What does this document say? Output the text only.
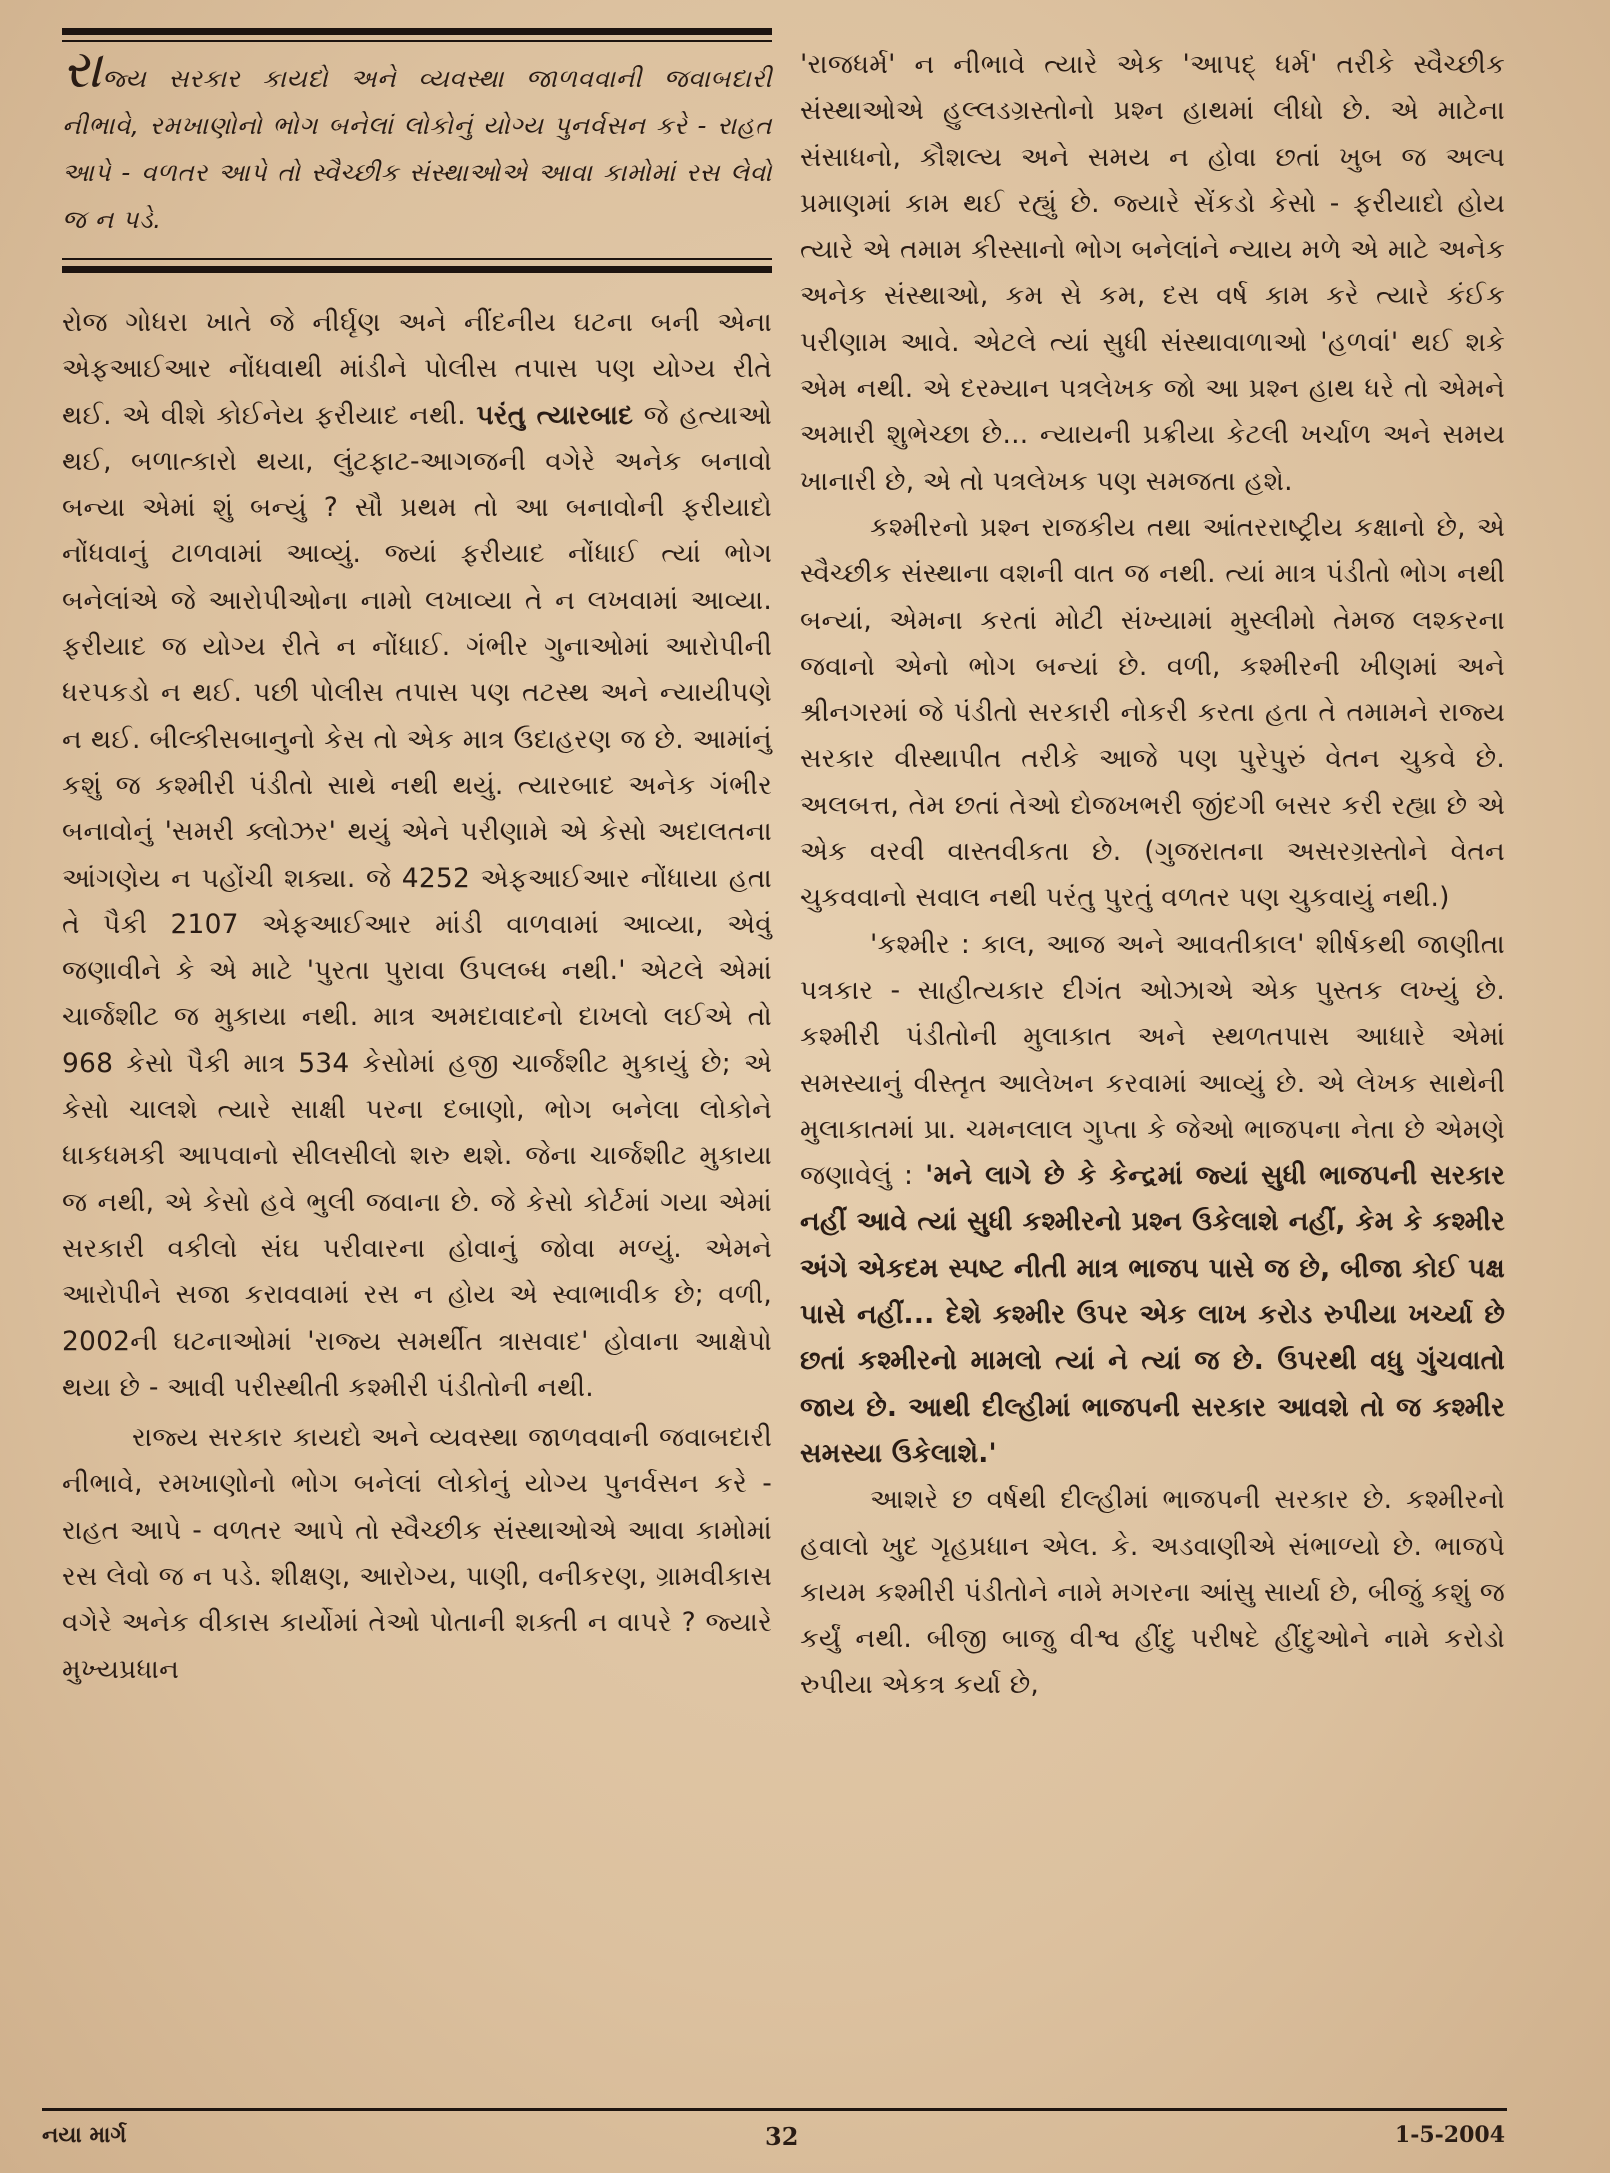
રાજ્ય સરકાર કાયદો અને વ્યવસ્થા જાળવવાની જવાબદારી નીભાવે, રમખાણોનો ભોગ બનેલાં લોકોનું યોગ્ય પુનર્વસન કરે - રાહત આપે - વળતર આપે તો સ્વૈચ્છીક સંસ્થાઓએ આવા કામોમાં રસ લેવો જ ન પડે.

રોજ ગોધરા ખાતે જે નીર્ઘૃણ અને નીંદનીય ઘટના બની એના એફઆઈઆર નોંધવાથી માંડીને પોલીસ તપાસ પણ યોગ્ય રીતે થઈ. એ વીશે કોઈનેય ફરીયાદ નથી. પરંતુ ત્યારબાદ જે હત્યાઓ થઈ, બળાત્કારો થયા, લુંટફાટ-આગજની વગેરે અનેક બનાવો બન્યા એમાં શું બન્યું ? સૌ પ્રથમ તો આ બનાવોની ફરીયાદો નોંધવાનું ટાળવામાં આવ્યું. જ્યાં ફરીયાદ નોંધાઈ ત્યાં ભોગ બનેલાંએ જે આરોપીઓના નામો લખાવ્યા તે ન લખવામાં આવ્યા. ફરીયાદ જ યોગ્ય રીતે ન નોંધાઈ. ગંભીર ગુનાઓમાં આરોપીની ધરપકડો ન થઈ. પછી પોલીસ તપાસ પણ તટસ્થ અને ન્યાયીપણે ન થઈ. બીલ્કીસબાનુનો કેસ તો એક માત્ર ઉદાહરણ જ છે. આમાંનું કશું જ કશ્મીરી પંડીતો સાથે નથી થયું. ત્યારબાદ અનેક ગંભીર બનાવોનું 'સમરી ક્લોઝર' થયું એને પરીણામે એ કેસો અદાલતના આંગણેય ન પહોંચી શક્યા. જે 4252 એફઆઈઆર નોંધાયા હતા તે પૈકી 2107 એફઆઈઆર માંડી વાળવામાં આવ્યા, એવું જણાવીને કે એ માટે 'પુરતા પુરાવા ઉપલબ્ધ નથી.' એટલે એમાં ચાર્જશીટ જ મુકાયા નથી. માત્ર અમદાવાદનો દાખલો લઈએ તો 968 કેસો પૈકી માત્ર 534 કેસોમાં હજી ચાર્જશીટ મુકાયું છે; એ કેસો ચાલશે ત્યારે સાક્ષી પરના દબાણો, ભોગ બનેલા લોકોને ધાકધમકી આપવાનો સીલસીલો શરુ થશે. જેના ચાર્જશીટ મુકાયા જ નથી, એ કેસો હવે ભુલી જવાના છે. જે કેસો કોર્ટમાં ગયા એમાં સરકારી વકીલો સંઘ પરીવારના હોવાનું જોવા મળ્યું. એમને આરોપીને સજા કરાવવામાં રસ ન હોય એ સ્વાભાવીક છે; વળી, 2002ની ઘટનાઓમાં 'રાજ્ય સમર્થીત ત્રાસવાદ' હોવાના આક્ષેપો થયા છે - આવી પરીસ્થીતી કશ્મીરી પંડીતોની નથી.

રાજ્ય સરકાર કાયદો અને વ્યવસ્થા જાળવવાની જવાબદારી નીભાવે, રમખાણોનો ભોગ બનેલાં લોકોનું યોગ્ય પુનર્વસન કરે - રાહત આપે - વળતર આપે તો સ્વૈચ્છીક સંસ્થાઓએ આવા કામોમાં રસ લેવો જ ન પડે. શીક્ષણ, આરોગ્ય, પાણી, વનીકરણ, ગ્રામવીકાસ વગેરે અનેક વીકાસ કાર્યોમાં તેઓ પોતાની શક્તી ન વાપરે ? જ્યારે મુખ્યપ્રધાન

'રાજધર્મ' ન નીભાવે ત્યારે એક 'આપદ્ ધર્મ' તરીકે સ્વૈચ્છીક સંસ્થાઓએ હુલ્લડગ્રસ્તોનો પ્રશ્ન હાથમાં લીધો છે. એ માટેના સંસાધનો, કૌશલ્ય અને સમય ન હોવા છતાં ખુબ જ અલ્પ પ્રમાણમાં કામ થઈ રહ્યું છે. જ્યારે સેંકડો કેસો - ફરીયાદો હોય ત્યારે એ તમામ કીસ્સાનો ભોગ બનેલાંને ન્યાય મળે એ માટે અનેક અનેક સંસ્થાઓ, કમ સે કમ, દસ વર્ષ કામ કરે ત્યારે કંઈક પરીણામ આવે. એટલે ત્યાં સુધી સંસ્થાવાળાઓ 'હળવાં' થઈ શકે એમ નથી. એ દરમ્યાન પત્રલેખક જો આ પ્રશ્ન હાથ ધરે તો એમને અમારી શુભેચ્છા છે... ન્યાયની પ્રક્રીયા કેટલી ખર્ચાળ અને સમય ખાનારી છે, એ તો પત્રલેખક પણ સમજતા હશે.

કશ્મીરનો પ્રશ્ન રાજકીય તથા આંતરરાષ્ટ્રીય કક્ષાનો છે, એ સ્વૈચ્છીક સંસ્થાના વશની વાત જ નથી. ત્યાં માત્ર પંડીતો ભોગ નથી બન્યાં, એમના કરતાં મોટી સંખ્યામાં મુસ્લીમો તેમજ લશ્કરના જવાનો એનો ભોગ બન્યાં છે. વળી, કશ્મીરની ખીણમાં અને શ્રીનગરમાં જે પંડીતો સરકારી નોકરી કરતા હતા તે તમામને રાજ્ય સરકાર વીસ્થાપીત તરીકે આજે પણ પુરેપુરું વેતન ચુકવે છે. અલબત્ત, તેમ છતાં તેઓ દોજખભરી જીંદગી બસર કરી રહ્યા છે એ એક વરવી વાસ્તવીકતા છે. (ગુજરાતના અસરગ્રસ્તોને વેતન ચુકવવાનો સવાલ નથી પરંતુ પુરતું વળતર પણ ચુકવાયું નથી.)

'કશ્મીર : કાલ, આજ અને આવતીકાલ' શીર્ષકથી જાણીતા પત્રકાર - સાહીત્યકાર દીગંત ઓઝાએ એક પુસ્તક લખ્યું છે. કશ્મીરી પંડીતોની મુલાકાત અને સ્થળતપાસ આધારે એમાં સમસ્યાનું વીસ્તૃત આલેખન કરવામાં આવ્યું છે. એ લેખક સાથેની મુલાકાતમાં પ્રા. ચમનલાલ ગુપ્તા કે જેઓ ભાજપના નેતા છે એમણે જણાવેલું : 'મને લાગે છે કે કેન્દ્રમાં જ્યાં સુધી ભાજપની સરકાર નહીં આવે ત્યાં સુધી કશ્મીરનો પ્રશ્ન ઉકેલાશે નહીં, કેમ કે કશ્મીર અંગે એકદમ સ્પષ્ટ નીતી માત્ર ભાજપ પાસે જ છે, બીજા કોઈ પક્ષ પાસે નહીં... દેશે કશ્મીર ઉપર એક લાખ કરોડ રુપીયા ખર્ચ્યા છે છતાં કશ્મીરનો મામલો ત્યાં ને ત્યાં જ છે. ઉપરથી વધુ ગુંચવાતો જાય છે. આથી દીલ્હીમાં ભાજપની સરકાર આવશે તો જ કશ્મીર સમસ્યા ઉકેલાશે.'

આશરે છ વર્ષથી દીલ્હીમાં ભાજપની સરકાર છે. કશ્મીરનો હવાલો ખુદ ગૃહપ્રધાન એલ. કે. અડવાણીએ સંભાળ્યો છે. ભાજપે કાયમ કશ્મીરી પંડીતોને નામે મગરના આંસુ સાર્યા છે, બીજું કશું જ કર્યું નથી. બીજી બાજુ વીશ્વ હીંદુ પરીષદે હીંદુઓને નામે કરોડો રુપીયા એકત્ર કર્યા છે,

નયા માર્ગ	32	1-5-2004
